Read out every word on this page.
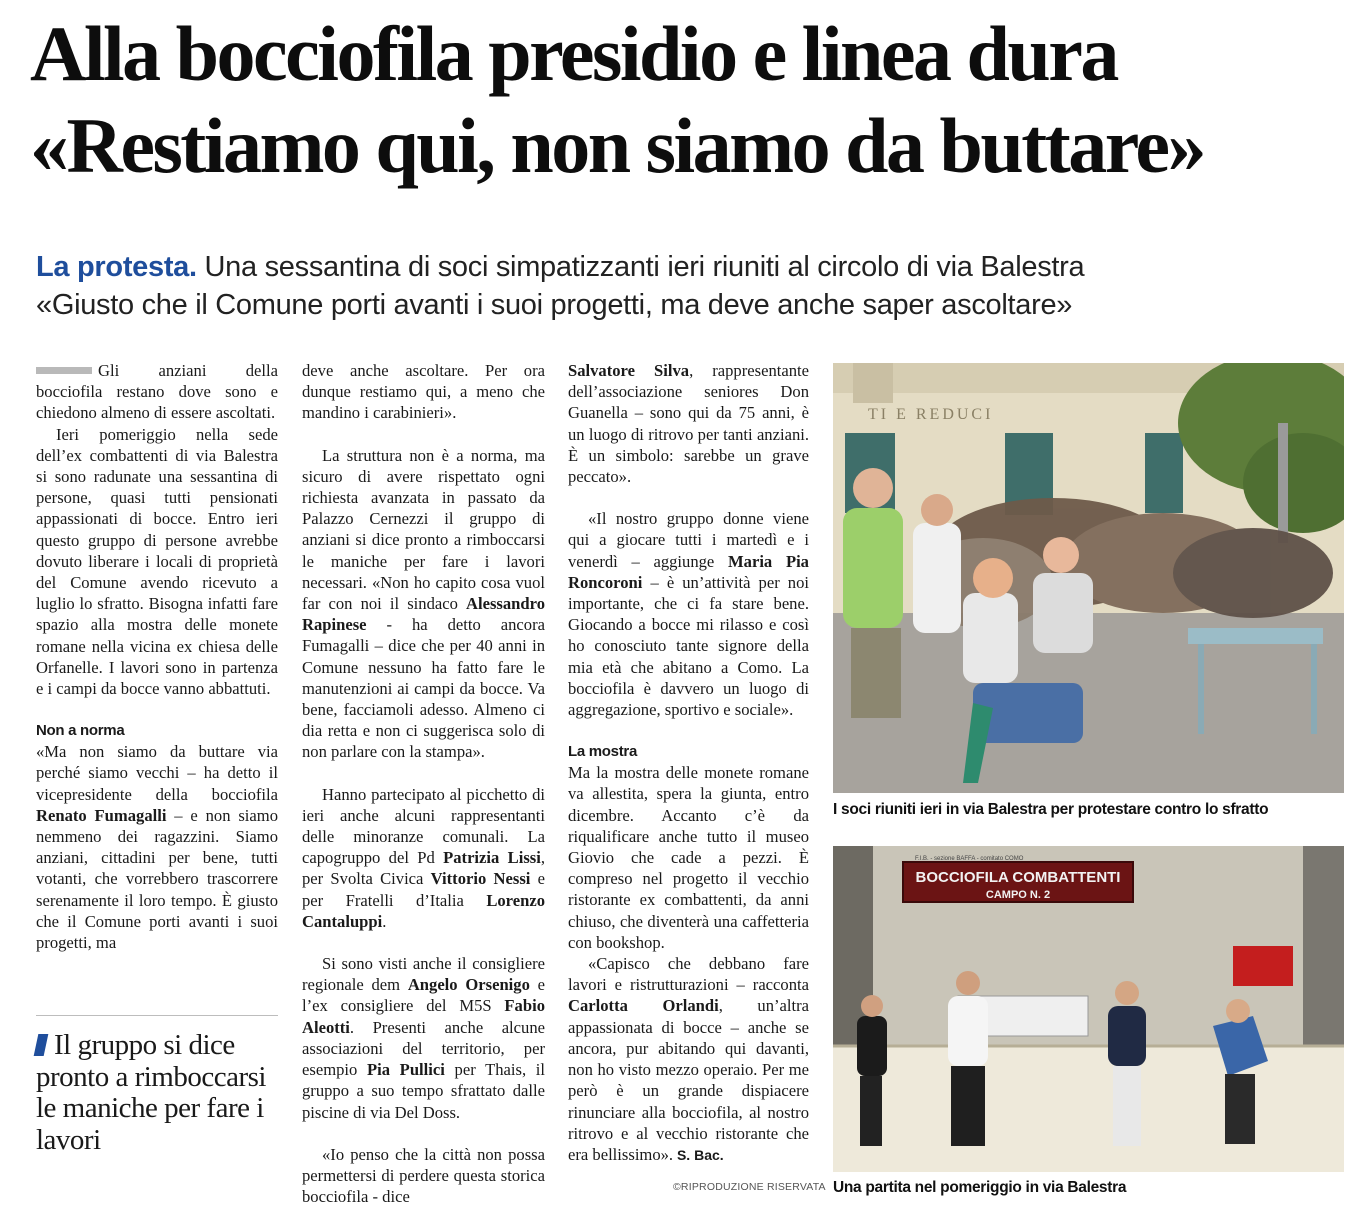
Alla bocciofila presidio e linea dura
«Restiamo qui, non siamo da buttare»
La protesta. Una sessantina di soci simpatizzanti ieri riuniti al circolo di via Balestra
«Giusto che il Comune porti avanti i suoi progetti, ma deve anche saper ascoltare»

Gli anziani della bocciofila restano dove sono e chiedono almeno di essere ascoltati.

Ieri pomeriggio nella sede dell’ex combattenti di via Balestra si sono radunate una sessantina di persone, quasi tutti pensionati appassionati di bocce. Entro ieri questo gruppo di persone avrebbe dovuto liberare i locali di proprietà del Comune avendo ricevuto a luglio lo sfratto. Bisogna infatti fare spazio alla mostra delle monete romane nella vicina ex chiesa delle Orfanelle. I lavori sono in partenza e i campi da bocce vanno abbattuti.

Non a norma

«Ma non siamo da buttare via perché siamo vecchi – ha detto il vicepresidente della bocciofila Renato Fumagalli – e non siamo nemmeno dei ragazzini. Siamo anziani, cittadini per bene, tutti votanti, che vorrebbero trascorrere serenamente il loro tempo. È giusto che il Comune porti avanti i suoi progetti, ma

Il gruppo si dice pronto a rimboccarsi le maniche per fare i lavori

deve anche ascoltare. Per ora dunque restiamo qui, a meno che mandino i carabinieri».

La struttura non è a norma, ma sicuro di avere rispettato ogni richiesta avanzata in passato da Palazzo Cernezzi il gruppo di anziani si dice pronto a rimboccarsi le maniche per fare i lavori necessari. «Non ho capito cosa vuol far con noi il sindaco Alessandro Rapinese - ha detto ancora Fumagalli – dice che per 40 anni in Comune nessuno ha fatto fare le manutenzioni ai campi da bocce. Va bene, facciamoli adesso. Almeno ci dia retta e non ci suggerisca solo di non parlare con la stampa».

Hanno partecipato al picchetto di ieri anche alcuni rappresentanti delle minoranze comunali. La capogruppo del Pd Patrizia Lissi, per Svolta Civica Vittorio Nessi e per Fratelli d’Italia Lorenzo Cantaluppi.

Si sono visti anche il consigliere regionale dem Angelo Orsenigo e l’ex consigliere del M5S Fabio Aleotti. Presenti anche alcune associazioni del territorio, per esempio Pia Pullici per Thais, il gruppo a suo tempo sfrattato dalle piscine di via Del Doss.

«Io penso che la città non possa permettersi di perdere questa storica bocciofila - dice

Salvatore Silva, rappresentante dell’associazione seniores Don Guanella – sono qui da 75 anni, è un luogo di ritrovo per tanti anziani. È un simbolo: sarebbe un grave peccato».

«Il nostro gruppo donne viene qui a giocare tutti i martedì e i venerdì – aggiunge Maria Pia Roncoroni – è un’attività per noi importante, che ci fa stare bene. Giocando a bocce mi rilasso e così ho conosciuto tante signore della mia età che abitano a Como. La bocciofila è davvero un luogo di aggregazione, sportivo e sociale».

La mostra

Ma la mostra delle monete romane va allestita, spera la giunta, entro dicembre. Accanto c’è da riqualificare anche tutto il museo Giovio che cade a pezzi. È compreso nel progetto il vecchio ristorante ex combattenti, da anni chiuso, che diventerà una caffetteria con bookshop.

«Capisco che debbano fare lavori e ristrutturazioni – racconta Carlotta Orlandi, un’altra appassionata di bocce – anche se ancora, pur abitando qui davanti, non ho visto mezzo operaio. Per me però è un grande dispiacere rinunciare alla bocciofila, al nostro ritrovo e al vecchio ristorante che era bellissimo». S. Bac.

©RIPRODUZIONE RISERVATA
TI E REDUCI
I soci riuniti ieri in via Balestra per protestare contro lo sfratto
F.I.B. - sezione BAFFA - comitato COMO
BOCCIOFILA COMBATTENTI
CAMPO N. 2
Una partita nel pomeriggio in via Balestra
